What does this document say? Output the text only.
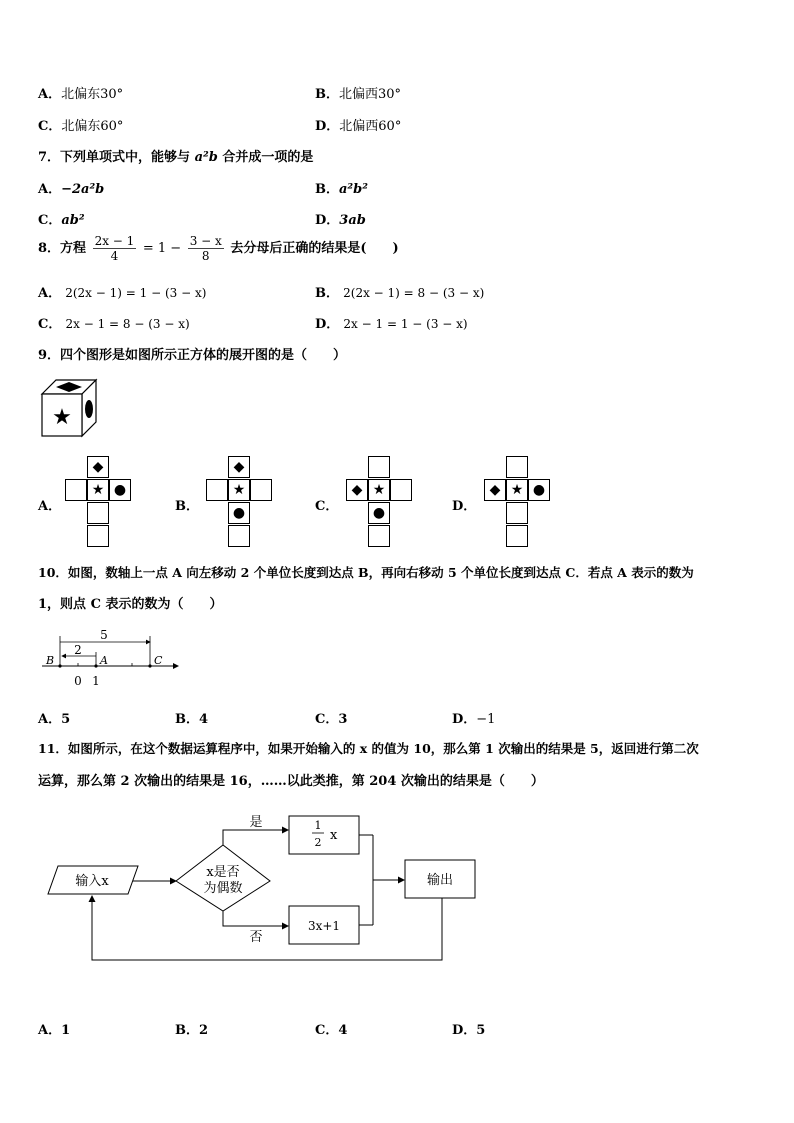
A．北偏东30°	B．北偏西30°
C．北偏东60°	D．北偏西60°
7．下列单项式中，能够与 a²b 合并成一项的是
A．−2a²b	B．a²b²
C．ab²	D．3ab
8．方程 $\frac{2x - 1}{4} = 1 - \frac{3 - x}{8}$ 去分母后正确的结果是(　　)
A． 2(2x − 1) = 1 − (3 − x)	B． 2(2x − 1) = 8 − (3 − x)
C． 2x − 1 = 8 − (3 − x)	D． 2x − 1 = 1 − (3 − x)
9．四个图形是如图所示正方体的展开图的是（　　）
★
A．
◆
★ ●
B．
◆
★
●	C．
◆ ★
●	D．
◆ ★ ●
10．如图，数轴上一点 A 向左移动 2 个单位长度到达点 B，再向右移动 5 个单位长度到达点 C．若点 A 表示的数为
1，则点 C 表示的数为（　　）
5
2
B	A	C
0 1
A．5	B．4	C．3	D．−1
11．如图所示，在这个数据运算程序中，如果开始输入的 x 的值为 10，那么第 1 次输出的结果是 5，返回进行第二次
运算，那么第 2 次输出的结果是 16，……以此类推，第 204 次输出的结果是（　　）
输入x
x是否
为偶数
是	1
2 x
否
3x+1
输出
A．1	B．2	C．4	D．5
